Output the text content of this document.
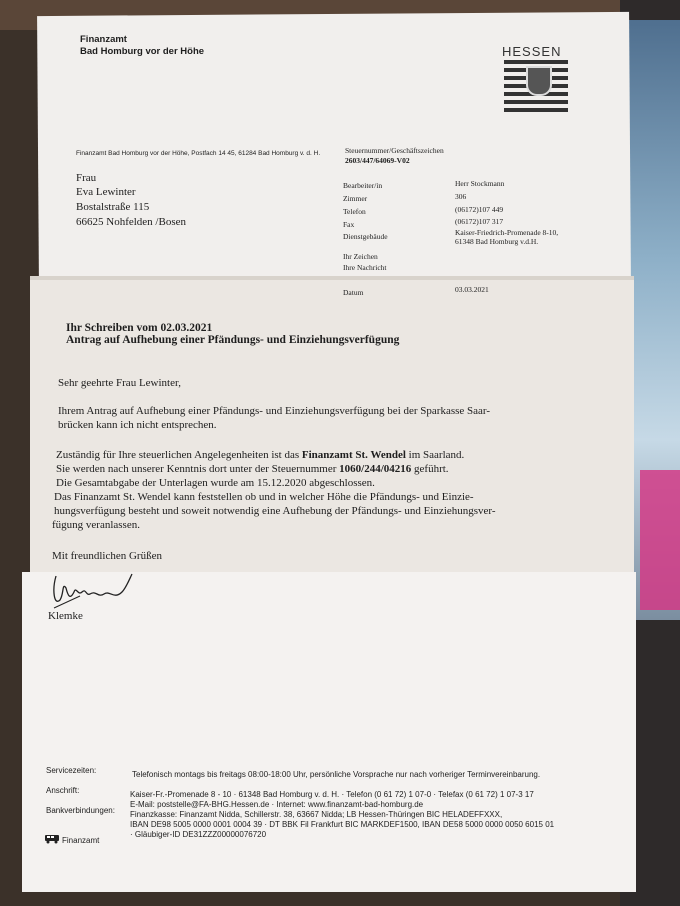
Finanzamt
Bad Homburg vor der Höhe	HESSEN
Finanzamt Bad Homburg vor der Höhe, Postfach 14 45, 61284 Bad Homburg v. d. H.	Steuernummer/Geschäftszeichen
2603/447/64069-V02
Frau
Eva Lewinter
Bostalstraße 115
66625 Nohfelden /Bosen
Bearbeiter/in	Herr Stockmann
Zimmer	306
Telefon	(06172)107 449
Fax	(06172)107 317
Dienstgebäude	Kaiser-Friedrich-Promenade 8-10,
61348 Bad Homburg v.d.H.
Ihr Zeichen
Ihre Nachricht
Datum	03.03.2021
Ihr Schreiben vom 02.03.2021
Antrag auf Aufhebung einer Pfändungs- und Einziehungsverfügung
Sehr geehrte Frau Lewinter,
Ihrem Antrag auf Aufhebung einer Pfändungs- und Einziehungsverfügung bei der Sparkasse Saar-
brücken kann ich nicht entsprechen.
Zuständig für Ihre steuerlichen Angelegenheiten ist das Finanzamt St. Wendel im Saarland.
Sie werden nach unserer Kenntnis dort unter der Steuernummer 1060/244/04216 geführt.
Die Gesamtabgabe der Unterlagen wurde am 15.12.2020 abgeschlossen.
Das Finanzamt St. Wendel kann feststellen ob und in welcher Höhe die Pfändungs- und Einzie-
hungsverfügung besteht und soweit notwendig eine Aufhebung der Pfändungs- und Einziehungsver-
fügung veranlassen.
Mit freundlichen Grüßen
Klemke
Servicezeiten:	Telefonisch montags bis freitags 08:00-18:00 Uhr, persönliche Vorsprache nur nach vorheriger Terminvereinbarung.
Anschrift:	Kaiser-Fr.-Promenade 8 - 10 · 61348 Bad Homburg v. d. H. · Telefon (0 61 72) 1 07-0 · Telefax (0 61 72) 1 07-3 17
E-Mail: poststelle@FA-BHG.Hessen.de · Internet: www.finanzamt-bad-homburg.de
Bankverbindungen: Finanzkasse: Finanzamt Nidda, Schillerstr. 38, 63667 Nidda; LB Hessen-Thüringen BIC HELADEFFXXX,
IBAN DE98 5005 0000 0001 0004 39 · DT BBK Fil Frankfurt BIC MARKDEF1500, IBAN DE58 5000 0000 0050 6015 01
· Gläubiger-ID DE31ZZZ00000076720
Finanzamt
